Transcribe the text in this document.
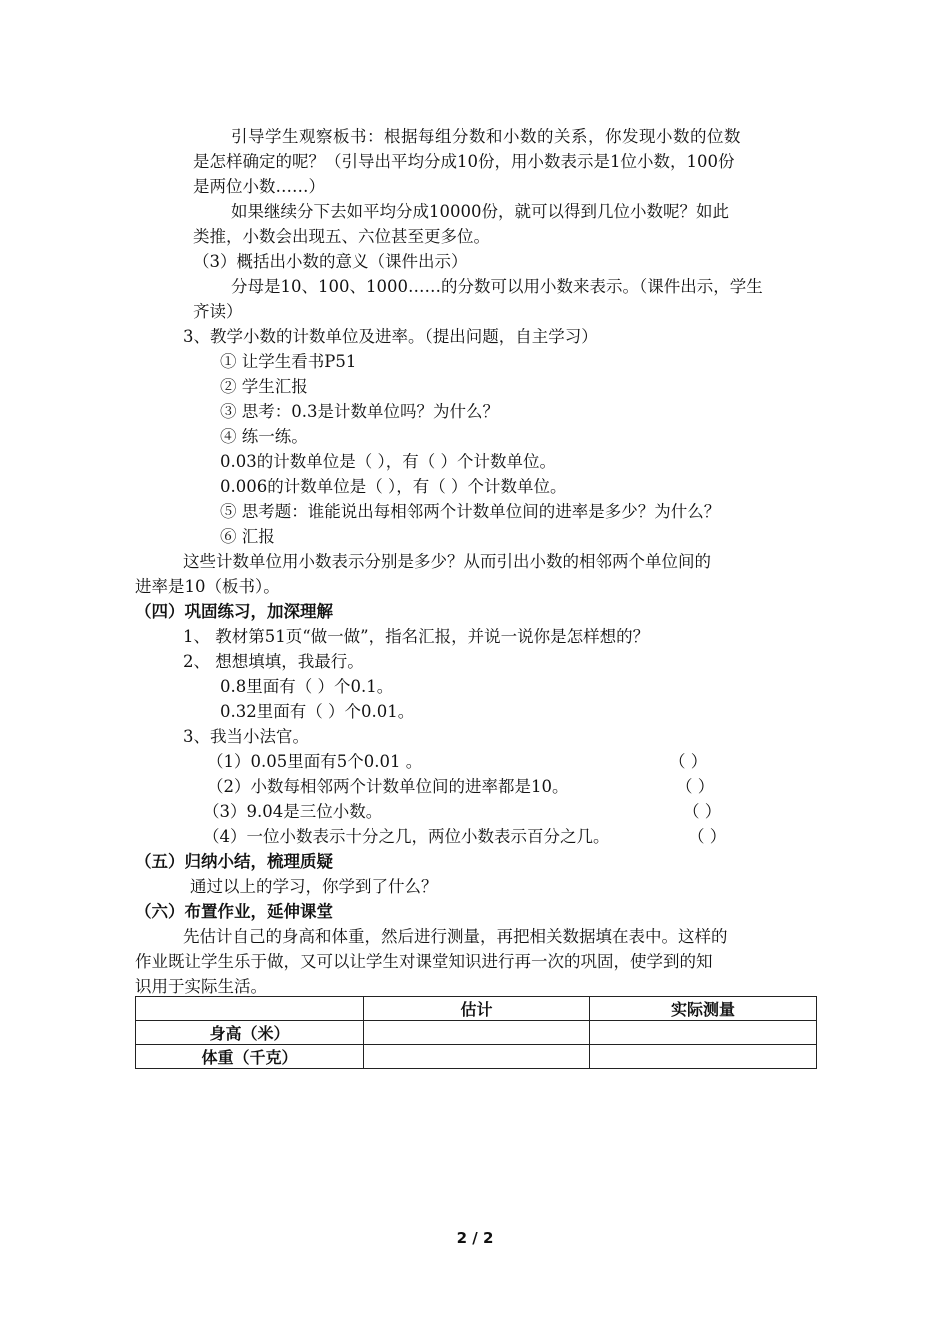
引导学生观察板书：根据每组分数和小数的关系，你发现小数的位数
是怎样确定的呢？（引导出平均分成10份，用小数表示是1位小数，100份
是两位小数……）
如果继续分下去如平均分成10000份，就可以得到几位小数呢？如此
类推，小数会出现五、六位甚至更多位。
（3）概括出小数的意义（课件出示）
分母是10、100、1000……的分数可以用小数来表示。（课件出示，学生
齐读）
3、教学小数的计数单位及进率。（提出问题，自主学习）
① 让学生看书P51
② 学生汇报
③ 思考：0.3是计数单位吗？为什么？
④ 练一练。
0.03的计数单位是（ ），有（ ）个计数单位。
0.006的计数单位是（ ），有（ ）个计数单位。
⑤ 思考题：谁能说出每相邻两个计数单位间的进率是多少？为什么？
⑥ 汇报
这些计数单位用小数表示分别是多少？从而引出小数的相邻两个单位间的
进率是10（板书）。
（四）巩固练习，加深理解
1、 教材第51页“做一做”，指名汇报，并说一说你是怎样想的？
2、 想想填填，我最行。
0.8里面有（ ）个0.1。
0.32里面有（ ）个0.01。
3、我当小法官。
（1）0.05里面有5个0.01 。	（ ）
（2）小数每相邻两个计数单位间的进率都是10。	（ ）
（3）9.04是三位小数。	（ ）
（4）一位小数表示十分之几，两位小数表示百分之几。	（ ）
（五）归纳小结，梳理质疑
通过以上的学习，你学到了什么？
（六）布置作业，延伸课堂
先估计自己的身高和体重，然后进行测量，再把相关数据填在表中。这样的
作业既让学生乐于做，又可以让学生对课堂知识进行再一次的巩固，使学到的知
识用于实际生活。
	估计	实际测量
身高（米）		
体重（千克）		
2 / 2
